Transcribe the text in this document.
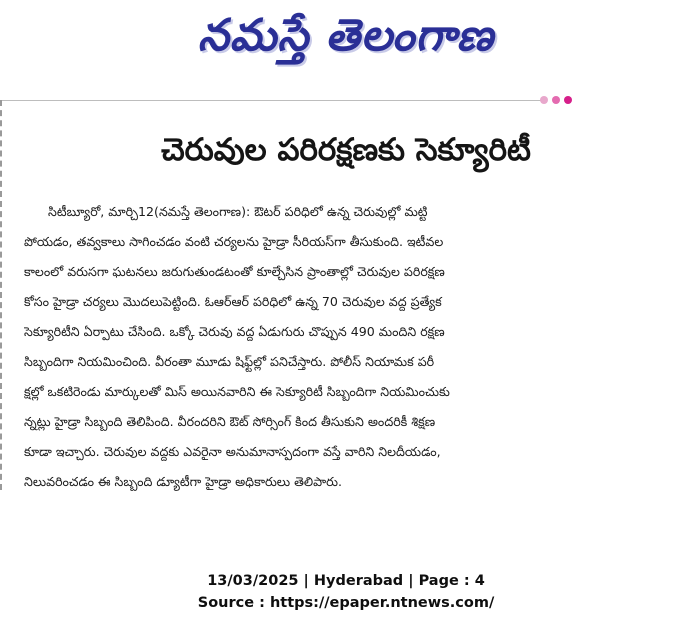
నమస్తే తెలంగాణ
చెరువుల పరిరక్షణకు సెక్యూరిటీ
సిటీబ్యూరో, మార్చి12(నమస్తే తెలంగాణ): ఔటర్ పరిధిలో ఉన్న చెరువుల్లో మట్టి
పోయడం, తవ్వకాలు సాగించడం వంటి చర్యలను హైడ్రా సీరియస్‌గా తీసుకుంది. ఇటీవల
కాలంలో వరుసగా ఘటనలు జరుగుతుండటంతో కూల్చేసిన ప్రాంతాల్లో చెరువుల పరిరక్షణ
కోసం హైడ్రా చర్యలు మొదలుపెట్టింది. ఓఆర్‌ఆర్ పరిధిలో ఉన్న 70 చెరువుల వద్ద ప్రత్యేక
సెక్యూరిటీని ఏర్పాటు చేసింది. ఒక్కో చెరువు వద్ద ఏడుగురు చొప్పున 490 మందిని రక్షణ
సిబ్బందిగా నియమించింది. వీరంతా మూడు షిఫ్ట్‌ల్లో పనిచేస్తారు. పోలీస్ నియామక పరీ
క్షల్లో ఒకటిరెండు మార్కులతో మిస్ అయినవారిని ఈ సెక్యూరిటీ సిబ్బందిగా నియమించుకు
న్నట్లు హైడ్రా సిబ్బంది తెలిపింది. వీరందరిని ఔట్ సోర్సింగ్ కింద తీసుకుని అందరికీ శిక్షణ
కూడా ఇచ్చారు. చెరువుల వద్దకు ఎవరైనా అనుమానాస్పదంగా వస్తే వారిని నిలదీయడం,
నిలువరించడం ఈ సిబ్బంది డ్యూటీగా హైడ్రా అధికారులు తెలిపారు.
13/03/2025 | Hyderabad | Page : 4
Source : https://epaper.ntnews.com/
